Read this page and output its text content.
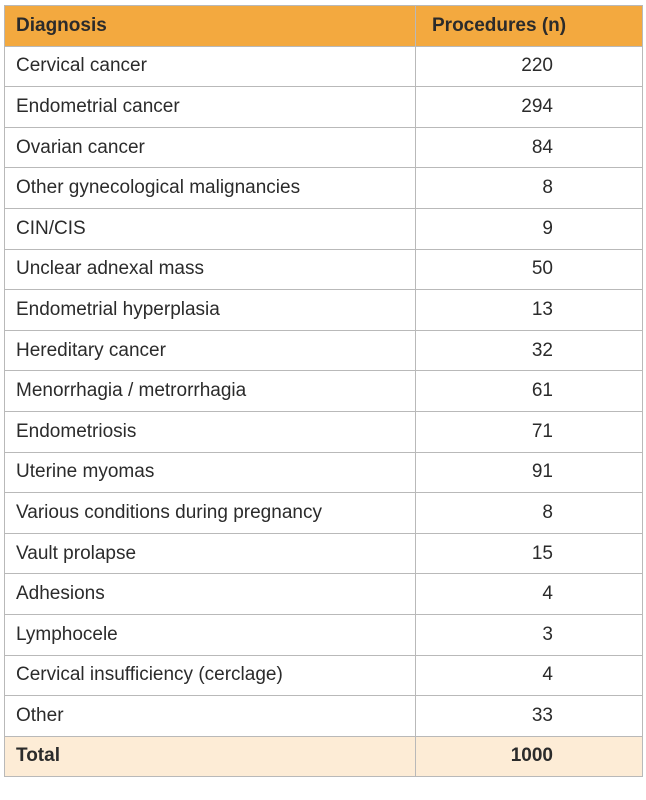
Diagnosis	Procedures (n)
Cervical cancer	220
Endometrial cancer	294
Ovarian cancer	84
Other gynecological malignancies	8
CIN/CIS	9
Unclear adnexal mass	50
Endometrial hyperplasia	13
Hereditary cancer	32
Menorrhagia / metrorrhagia	61
Endometriosis	71
Uterine myomas	91
Various conditions during pregnancy	8
Vault prolapse	15
Adhesions	4
Lymphocele	3
Cervical insufficiency (cerclage)	4
Other	33
Total	1000
